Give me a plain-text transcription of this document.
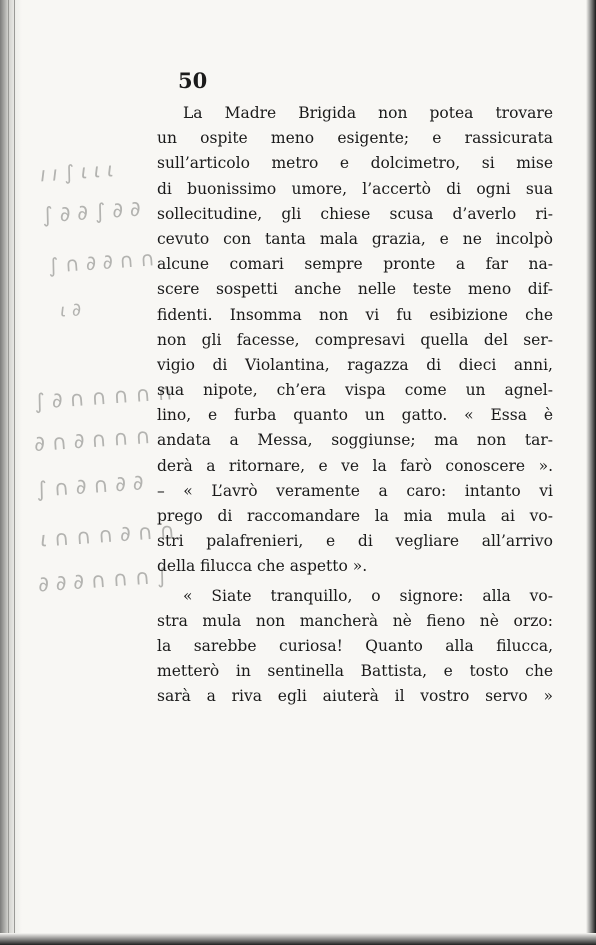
 ı ı ∫ ι ι ι
∫ ∂ ∂ ∫ ∂ ∂
∫ ∩ ∂ ∂ ∩ ∩
ι ∂
∫ ∂ ∩ ∩ ∩ ∩ ∩
∂ ∩ ∂ ∩ ∩ ∩
∫ ∩ ∂ ∩ ∂ ∂
ι ∩ ∩ ∩ ∂ ∩ ∩
∂ ∂ ∂ ∩ ∩ ∩ ∫
50
La Madre Brigida non potea trovare
un ospite meno esigente; e rassicurata
sull’articolo metro e dolcimetro, si mise
di buonissimo umore, l’accertò di ogni sua
sollecitudine, gli chiese scusa d’averlo ri-
cevuto con tanta mala grazia, e ne incolpò
alcune comari sempre pronte a far na-
scere sospetti anche nelle teste meno dif-
fidenti. Insomma non vi fu esibizione che
non gli facesse, compresavi quella del ser-
vigio di Violantina, ragazza di dieci anni,
sua nipote, ch’era vispa come un agnel-
lino, e furba quanto un gatto. « Essa è
andata a Messa, soggiunse; ma non tar-
derà a ritornare, e ve la farò conoscere ».
– « L’avrò veramente a caro: intanto vi
prego di raccomandare la mia mula ai vo-
stri palafrenieri, e di vegliare all’arrivo
della filucca che aspetto ».
« Siate tranquillo, o signore: alla vo-
stra mula non mancherà nè fieno nè orzo:
la sarebbe curiosa! Quanto alla filucca,
metterò in sentinella Battista, e tosto che
sarà a riva egli aiuterà il vostro servo »
